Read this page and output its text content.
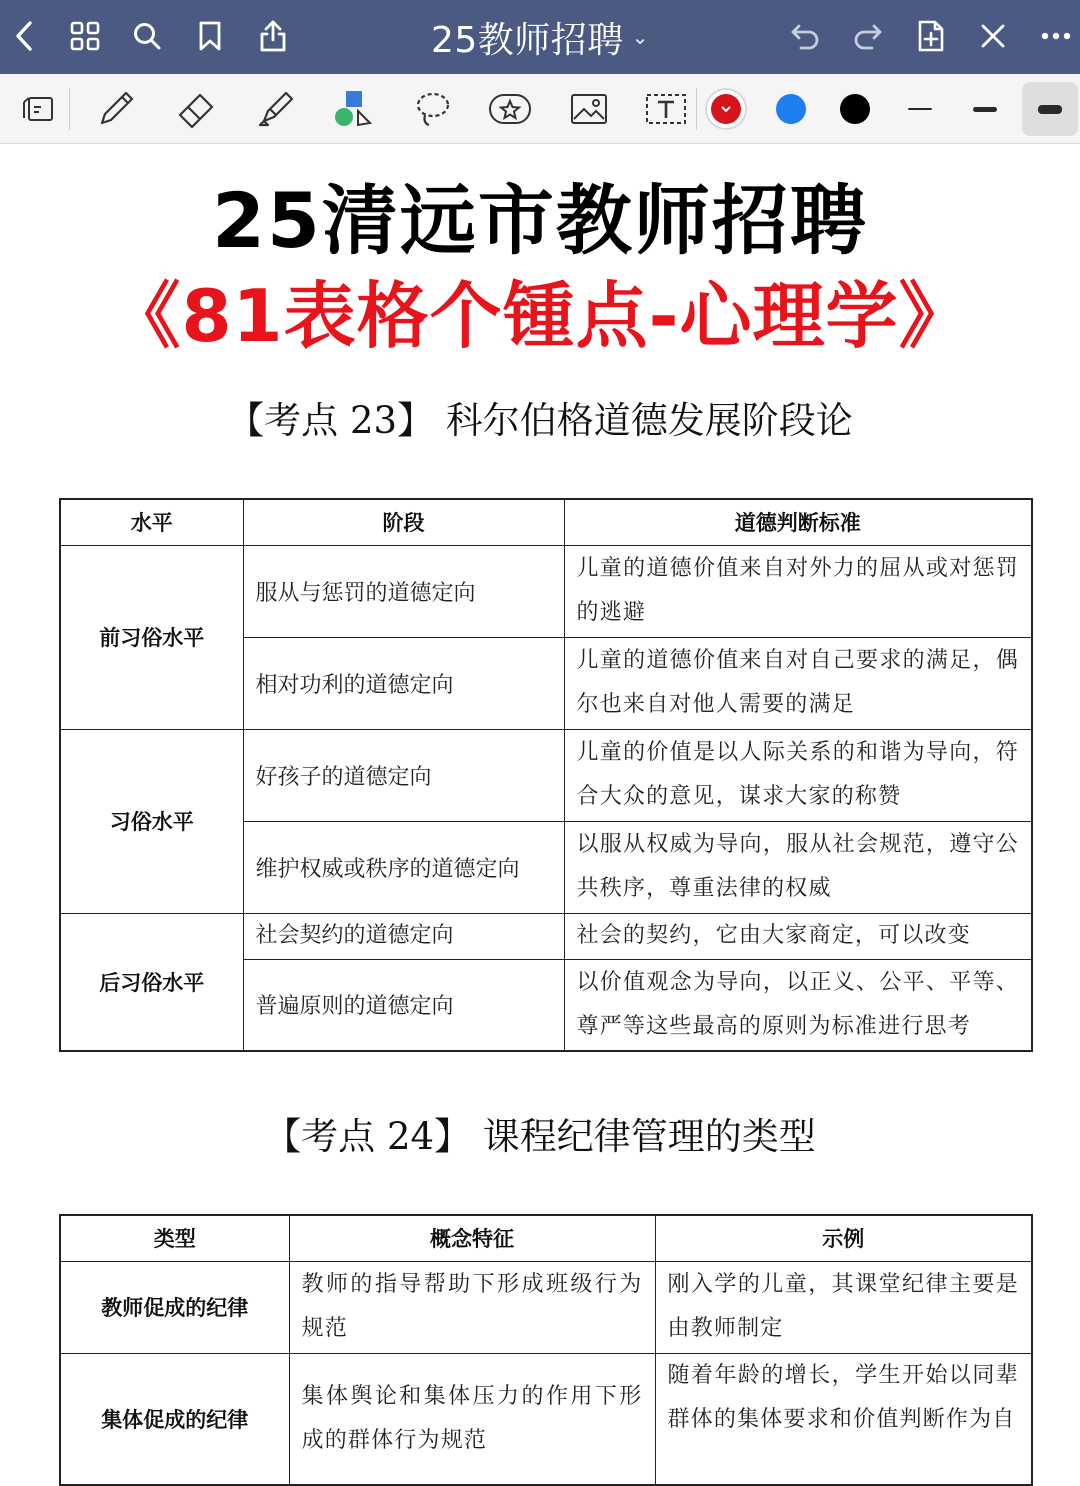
25教师招聘 ⌄
25清远市教师招聘
《81表格个锺点-心理学》
【考点 23】 科尔伯格道德发展阶段论
水平	阶段	道德判断标准
前习俗水平	服从与惩罚的道德定向	儿童的道德价值来自对外力的屈从或对惩罚的逃避
	相对功利的道德定向	儿童的道德价值来自对自己要求的满足，偶尔也来自对他人需要的满足
习俗水平	好孩子的道德定向	儿童的价值是以人际关系的和谐为导向，符合大众的意见，谋求大家的称赞
	维护权威或秩序的道德定向	以服从权威为导向，服从社会规范，遵守公共秩序，尊重法律的权威
后习俗水平	社会契约的道德定向	社会的契约，它由大家商定，可以改变
	普遍原则的道德定向	以价值观念为导向，以正义、公平、平等、尊严等这些最高的原则为标准进行思考
【考点 24】 课程纪律管理的类型
类型	概念特征	示例
教师促成的纪律	教师的指导帮助下形成班级行为规范	刚入学的儿童，其课堂纪律主要是由教师制定
集体促成的纪律	集体舆论和集体压力的作用下形成的群体行为规范	随着年龄的增长，学生开始以同辈群体的集体要求和价值判断作为自
